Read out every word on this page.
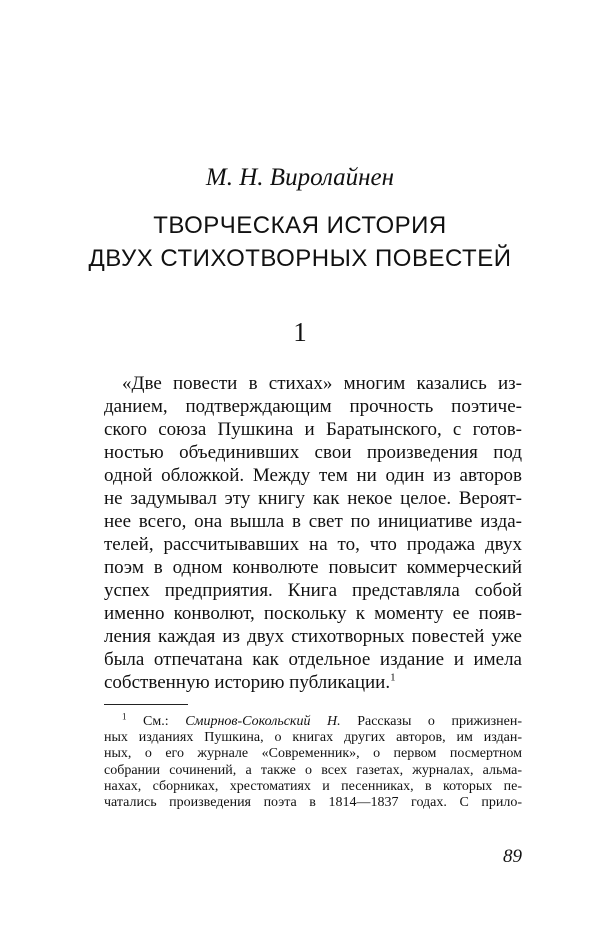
М. Н. Виролайнен
ТВОРЧЕСКАЯ ИСТОРИЯ
ДВУХ СТИХОТВОРНЫХ ПОВЕСТЕЙ
1
«Две повести в стихах» многим казались из-
данием, подтверждающим прочность поэтиче-
ского союза Пушкина и Баратынского, с готов-
ностью объединивших свои произведения под
одной обложкой. Между тем ни один из авторов
не задумывал эту книгу как некое целое. Вероят-
нее всего, она вышла в свет по инициативе изда-
телей, рассчитывавших на то, что продажа двух
поэм в одном конволюте повысит коммерческий
успех предприятия. Книга представляла собой
именно конволют, поскольку к моменту ее появ-
ления каждая из двух стихотворных повестей уже
была отпечатана как отдельное издание и имела
собственную историю публикации.$^1$
$^1$ См.: Смирнов-Сокольский Н. Рассказы о прижизнен-
ных изданиях Пушкина, о книгах других авторов, им издан-
ных, о его журнале «Современник», о первом посмертном
собрании сочинений, а также о всех газетах, журналах, альма-
нахах, сборниках, хрестоматиях и песенниках, в которых пе-
чатались произведения поэта в 1814—1837 годах. С прило-
89
